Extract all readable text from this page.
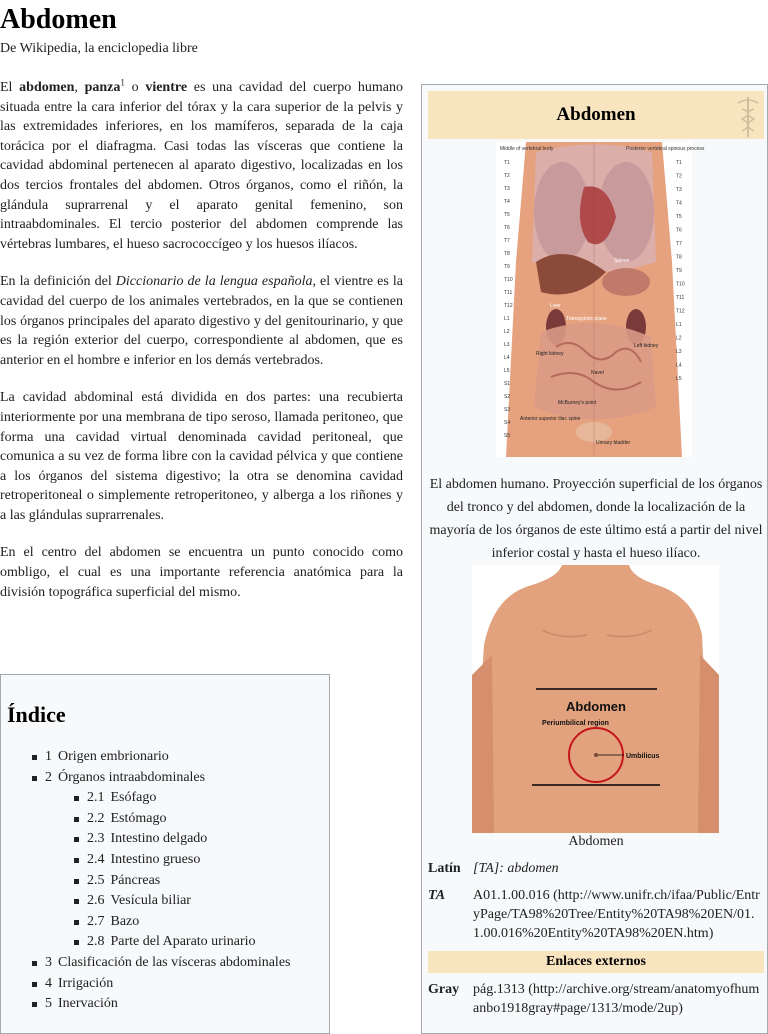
Abdomen
De Wikipedia, la enciclopedia libre

El abdomen, panza$^1$ o vientre es una cavidad del cuerpo humano situada entre la cara inferior del tórax y la cara superior de la pelvis y las extremidades inferiores, en los mamíferos, separada de la caja torácica por el diafragma. Casi todas las vísceras que contiene la cavidad abdominal pertenecen al aparato digestivo, localizadas en los dos tercios frontales del abdomen. Otros órganos, como el riñón, la glándula suprarrenal y el aparato genital femenino, son intraabdominales. El tercio posterior del abdomen comprende las vértebras lumbares, el hueso sacrococcígeo y los huesos ilíacos.

En la definición del Diccionario de la lengua española, el vientre es la cavidad del cuerpo de los animales vertebrados, en la que se contienen los órganos principales del aparato digestivo y del genitourinario, y que es la región exterior del cuerpo, correspondiente al abdomen, que es anterior en el hombre e inferior en los demás vertebrados.

La cavidad abdominal está dividida en dos partes: una recubierta interiormente por una membrana de tipo seroso, llamada peritoneo, que forma una cavidad virtual denominada cavidad peritoneal, que comunica a su vez de forma libre con la cavidad pélvica y que contiene a los órganos del sistema digestivo; la otra se denomina cavidad retroperitoneal o simplemente retroperitoneo, y alberga a los riñones y a las glándulas suprarrenales.

En el centro del abdomen se encuentra un punto conocido como ombligo, el cual es una importante referencia anatómica para la división topográfica superficial del mismo.

Índice
1 Origen embrionario
2 Órganos intraabdominales
2.1 Esófago
2.2 Estómago
2.3 Intestino delgado
2.4 Intestino grueso
2.5 Páncreas
2.6 Vesícula biliar
2.7 Bazo
2.8 Parte del Aparato urinario
3 Clasificación de las vísceras abdominales
4 Irrigación
5 Inervación
Abdomen
Middle of vertebral body	Posterior vertebral spinous process
Liver
Spleen
Transpyloric plane
Right kidney
Left kidney
Navel
McBurney's point
Anterior superior iliac spine
Urinary bladder
T1
T2
T3
T4
T5
T6
T7
T8
T9
T10
T11
T12
L1
L2
L3
L4
L5
S1
S2
S3
S4
S5
T1
T2
T3
T4
T5
T6
T7
T8
T9
T10
T11
T12
L1
L2
L3
L4
L5
El abdomen humano. Proyección superficial de los órganos del tronco y del abdomen, donde la localización de la mayoría de los órganos de este último está a partir del nivel inferior costal y hasta el hueso ilíaco.
Abdomen
Umbilicus
Periumbilical region
Abdomen
Latín [TA]: abdomen
TA	A01.1.00.016 (http://www.unifr.ch/ifaa/Public/EntryPage/TA98%20Tree/Entity%20TA98%20EN/01.1.00.016%20Entity%20TA98%20EN.htm)
Enlaces externos
Gray pág.1313 (http://archive.org/stream/anatomyofhumanbo1918gray#page/1313/mode/2up)
